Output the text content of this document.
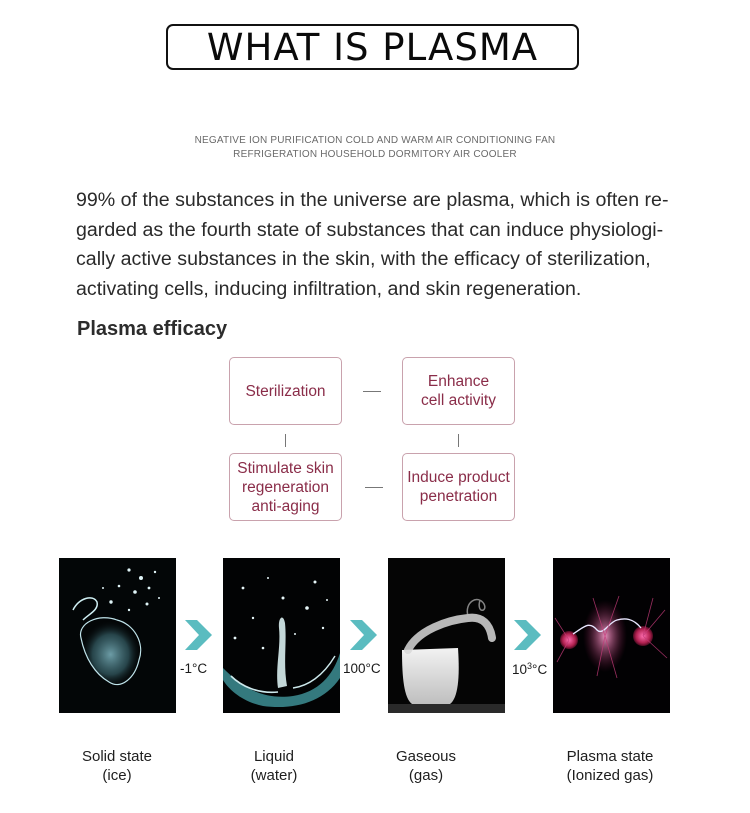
WHAT IS PLASMA
NEGATIVE ION PURIFICATION COLD AND WARM AIR CONDITIONING FAN
REFRIGERATION HOUSEHOLD DORMITORY AIR COOLER
99% of the substances in the universe are plasma, which is often re-
garded as the fourth state of substances that can induce physiologi-
cally active substances in the skin, with the efficacy of sterilization,
activating cells, inducing infiltration, and skin regeneration.
Plasma efficacy
Sterilization
Enhance
cell activity
Stimulate skin
regeneration
anti-aging
Induce product
penetration
-1°C	100°C	$10^3^\circ C$
Solid state
(ice)
Liquid
(water)
Gaseous
(gas)
Plasma state
(Ionized gas)
